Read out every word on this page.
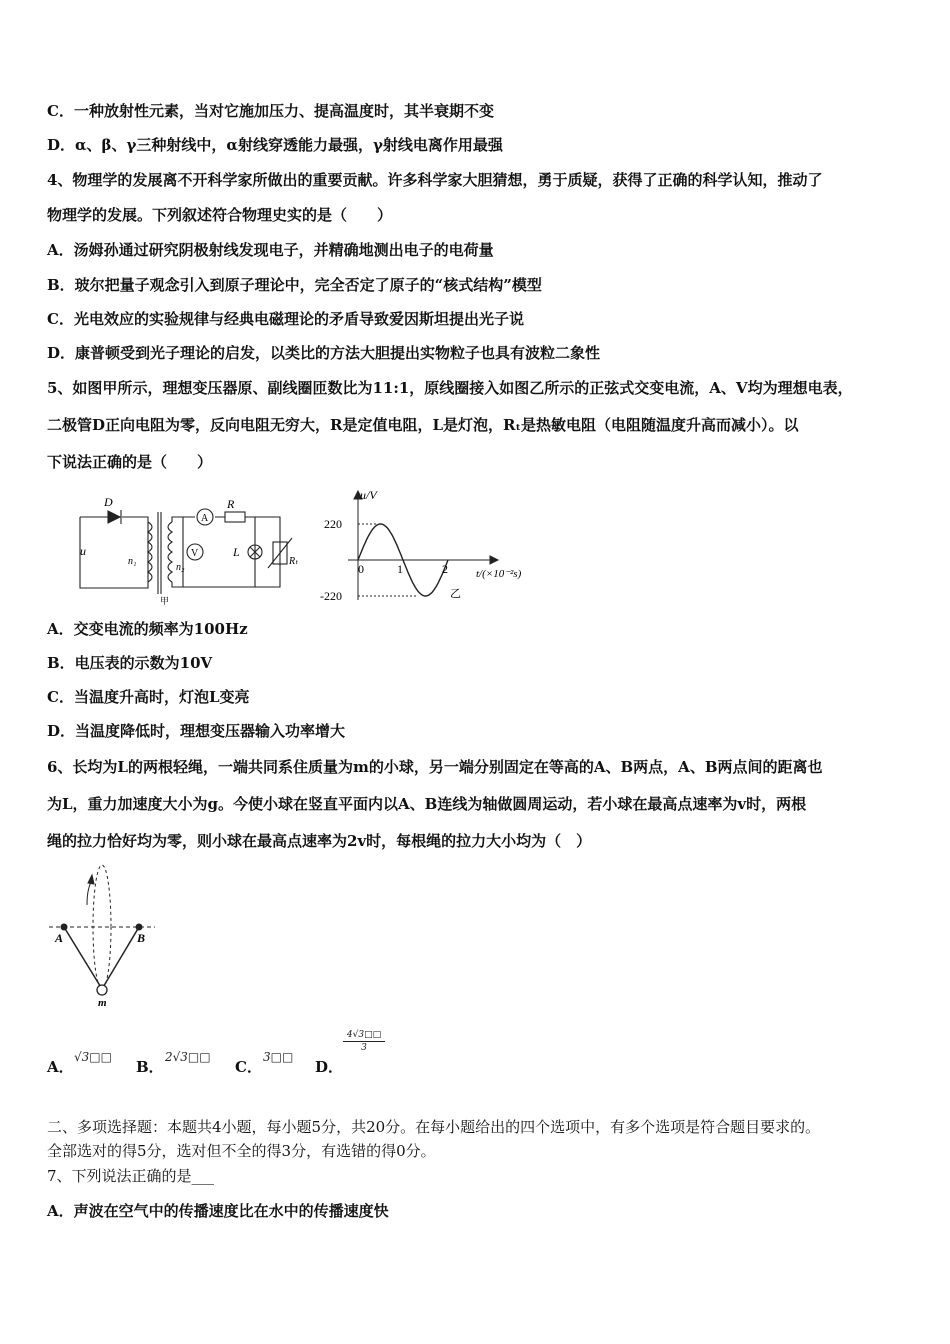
C．一种放射性元素，当对它施加压力、提高温度时，其半衰期不变
D．α、β、γ三种射线中，α射线穿透能力最强，γ射线电离作用最强
4、物理学的发展离不开科学家所做出的重要贡献。许多科学家大胆猜想，勇于质疑，获得了正确的科学认知，推动了
物理学的发展。下列叙述符合物理史实的是（　　）
A．汤姆孙通过研究阴极射线发现电子，并精确地测出电子的电荷量
B．玻尔把量子观念引入到原子理论中，完全否定了原子的“核式结构”模型
C．光电效应的实验规律与经典电磁理论的矛盾导致爱因斯坦提出光子说
D．康普顿受到光子理论的启发，以类比的方法大胆提出实物粒子也具有波粒二象性
5、如图甲所示，理想变压器原、副线圈匝数比为11:1，原线圈接入如图乙所示的正弦式交变电流，A、V均为理想电表，
二极管D正向电阻为零，反向电阻无穷大，R是定值电阻，L是灯泡，Rₜ是热敏电阻（电阻随温度升高而减小）。以
下说法正确的是（　　）
D
u
n₁
n₂
R
A
V	L
Rₜ
甲
u/V
220
-220
0	1	2	t/(×10⁻²s)
乙
A．交变电流的频率为100Hz
B．电压表的示数为10V
C．当温度升高时，灯泡L变亮
D．当温度降低时，理想变压器输入功率增大
6、长均为L的两根轻绳，一端共同系住质量为m的小球，另一端分别固定在等高的A、B两点，A、B两点间的距离也
为L，重力加速度大小为g。今使小球在竖直平面内以A、B连线为轴做圆周运动，若小球在最高点速率为v时，两根
绳的拉力恰好均为零，则小球在最高点速率为2v时，每根绳的拉力大小均为（　）
A	B
m
A．
√3□□
B．
2√3□□
C．
3□□
D．
4√3□□
3
二、多项选择题：本题共4小题，每小题5分，共20分。在每小题给出的四个选项中，有多个选项是符合题目要求的。
全部选对的得5分，选对但不全的得3分，有选错的得0分。
7、下列说法正确的是___
A．声波在空气中的传播速度比在水中的传播速度快
